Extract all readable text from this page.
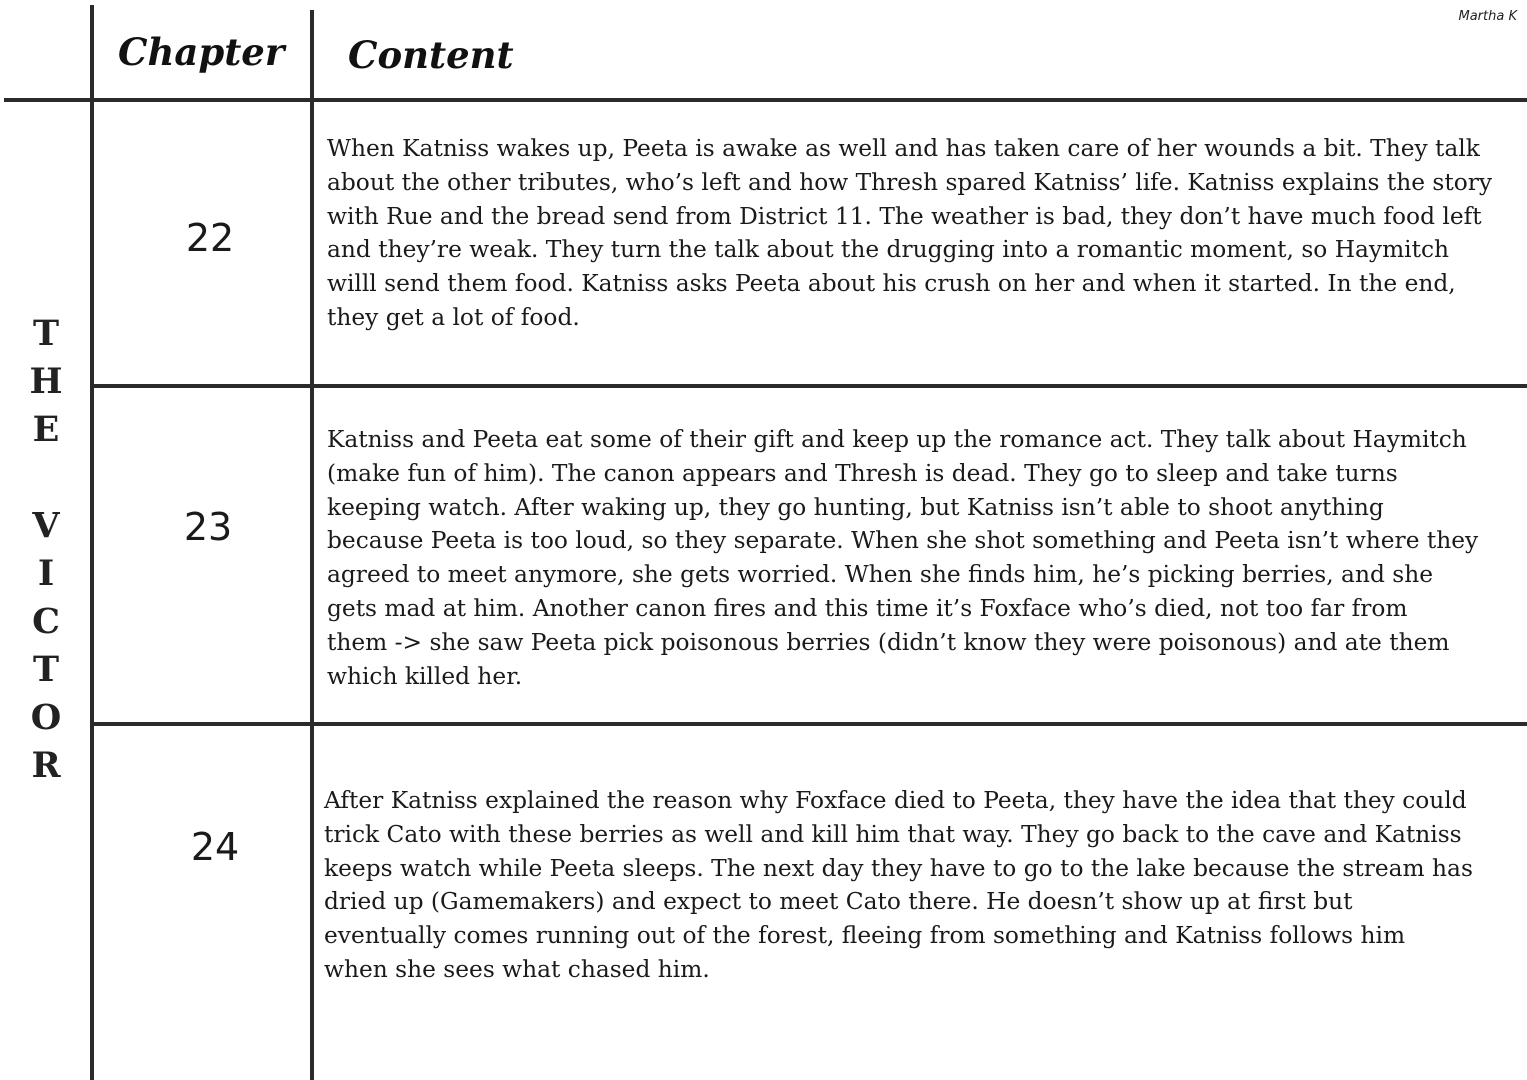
Martha K
Chapter Content
T
H
E
V
I
C
T
O
R
22
When Katniss wakes up, Peeta is awake as well and has taken care of her wounds a bit. They talk
about the other tributes, who’s left and how Thresh spared Katniss’ life. Katniss explains the story
with Rue and the bread send from District 11. The weather is bad, they don’t have much food left
and they’re weak. They turn the talk about the drugging into a romantic moment, so Haymitch
willl send them food. Katniss asks Peeta about his crush on her and when it started. In the end,
they get a lot of food.
23
Katniss and Peeta eat some of their gift and keep up the romance act. They talk about Haymitch
(make fun of him). The canon appears and Thresh is dead. They go to sleep and take turns
keeping watch. After waking up, they go hunting, but Katniss isn’t able to shoot anything
because Peeta is too loud, so they separate. When she shot something and Peeta isn’t where they
agreed to meet anymore, she gets worried. When she finds him, he’s picking berries, and she
gets mad at him. Another canon fires and this time it’s Foxface who’s died, not too far from
them -> she saw Peeta pick poisonous berries (didn’t know they were poisonous) and ate them
which killed her.
24
After Katniss explained the reason why Foxface died to Peeta, they have the idea that they could
trick Cato with these berries as well and kill him that way. They go back to the cave and Katniss
keeps watch while Peeta sleeps. The next day they have to go to the lake because the stream has
dried up (Gamemakers) and expect to meet Cato there. He doesn’t show up at first but
eventually comes running out of the forest, fleeing from something and Katniss follows him
when she sees what chased him.
